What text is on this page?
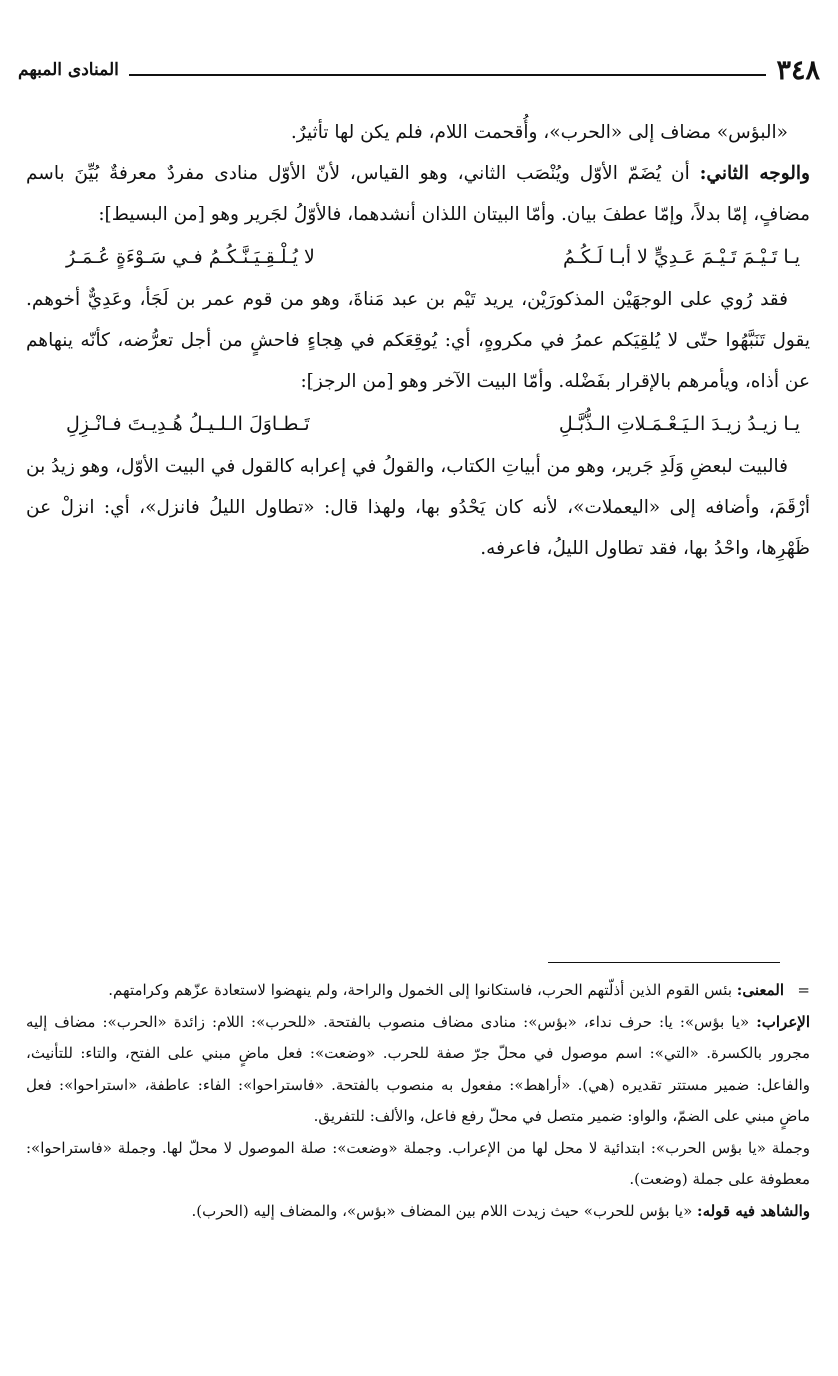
٣٤٨
المنادى المبهم

«البؤس» مضاف إلى «الحرب»، وأُقحمت اللام، فلم يكن لها تأثيرٌ.

والوجه الثاني: أن يُضَمّ الأوّل ويُنْصَب الثاني، وهو القياس، لأنّ الأوّل منادى مفردٌ معرفةٌ بُيِّنَ باسم مضافٍ، إمّا بدلاً، وإمّا عطفَ بيان. وأمّا البيتان اللذان أنشدهما، فالأوّلُ لجَرير وهو [من البسيط]:

يـا تَـيْـمَ تَـيْـمَ عَـدِيٍّ لا أبـا لَـكُـمُ
لا يُـلْـقِـيَـنَّـكُـمُ فـي سَـوْءَةٍ عُـمَـرُ

فقد رُوي على الوجهَيْن المذكورَيْن، يريد تَيْم بن عبد مَناةَ، وهو من قوم عمر بن لَجَأ، وعَدِيٌّ أخوهم. يقول تَنَبَّهُوا حتّى لا يُلقِيَكم عمرُ في مكروهٍ، أي: يُوقِعَكم في هِجاءٍ فاحشٍ من أجل تعرُّضه، كأنّه ينهاهم عن أذاه، ويأمرهم بالإقرار بفَضْله. وأمّا البيت الآخر وهو [من الرجز]:

يـا زيـدُ زيـدَ الـيَـعْـمَـلاتِ الـذُّبَّـلِ
تَـطـاوَلَ الـلـيـلُ هُـدِيـتَ فـانْـزِلِ

فالبيت لبعضِ وَلَدِ جَرير، وهو من أبياتِ الكتاب، والقولُ في إعرابه كالقول في البيت الأوّل، وهو زيدُ بن أرْقَمَ، وأضافه إلى «اليعملات»، لأنه كان يَحْدُو بها، ولهذا قال: «تطاول الليلُ فانزل»، أي: انزلْ عن ظَهْرِها، واحْدُ بها، فقد تطاول الليلُ، فاعرفه.

=المعنى: بئس القوم الذين أذلّتهم الحرب، فاستكانوا إلى الخمول والراحة، ولم ينهضوا لاستعادة عزّهم وكرامتهم.

الإعراب: «يا بؤس»: يا: حرف نداء، «بؤس»: منادى مضاف منصوب بالفتحة. «للحرب»: اللام: زائدة «الحرب»: مضاف إليه مجرور بالكسرة. «التي»: اسم موصول في محلّ جرّ صفة للحرب. «وضعت»: فعل ماضٍ مبني على الفتح، والتاء: للتأنيث، والفاعل: ضمير مستتر تقديره (هي). «أراهط»: مفعول به منصوب بالفتحة. «فاستراحوا»: الفاء: عاطفة، «استراحوا»: فعل ماضٍ مبني على الضمّ، والواو: ضمير متصل في محلّ رفع فاعل، والألف: للتفريق.

وجملة «يا بؤس الحرب»: ابتدائية لا محل لها من الإعراب. وجملة «وضعت»: صلة الموصول لا محلّ لها. وجملة «فاستراحوا»: معطوفة على جملة (وضعت).

والشاهد فيه قوله: «يا بؤس للحرب» حيث زيدت اللام بين المضاف «بؤس»، والمضاف إليه (الحرب).
